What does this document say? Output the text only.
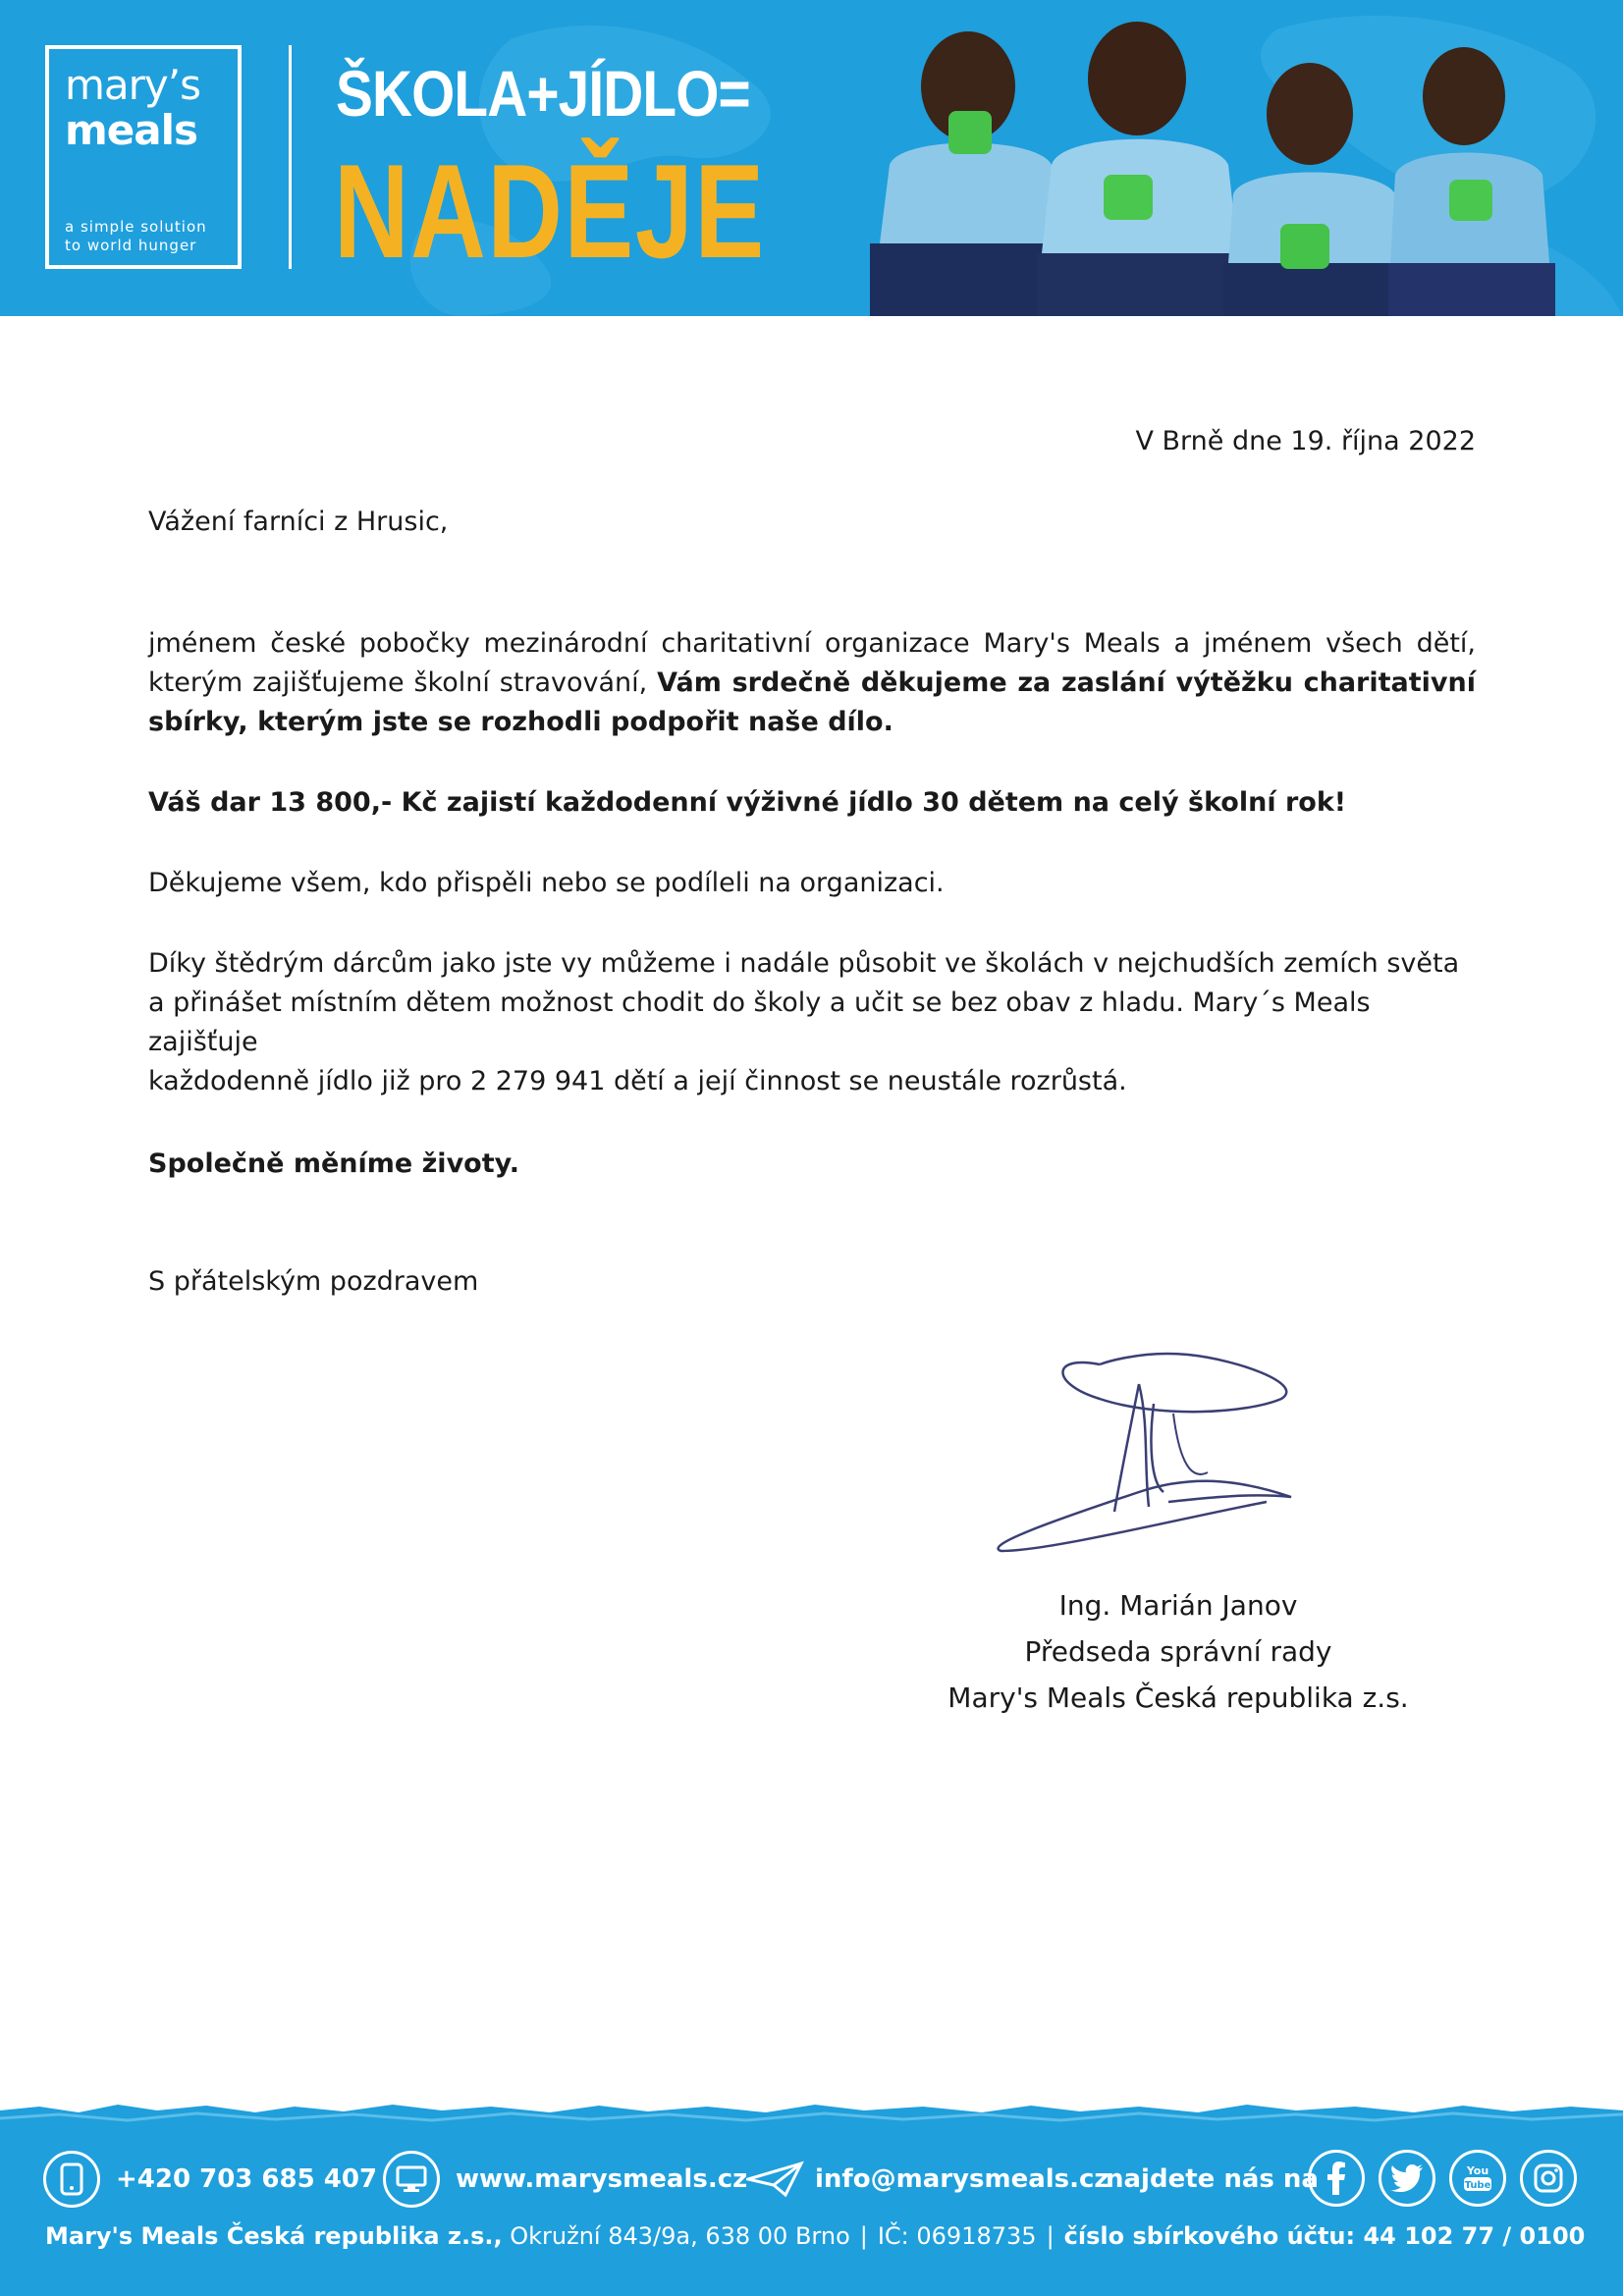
mary’s
meals
a simple solution
to world hunger
ŠKOLA+JÍDLO=
NADĚJE
V Brně dne 19. října 2022
Vážení farníci z Hrusic,

jménem české pobočky mezinárodní charitativní organizace Mary's Meals a jménem všech dětí, kterým zajišťujeme školní stravování, Vám srdečně děkujeme za zaslání výtěžku charitativní sbírky, kterým jste se rozhodli podpořit naše dílo.

Váš dar 13 800,- Kč zajistí každodenní výživné jídlo 30 dětem na celý školní rok!

Děkujeme všem, kdo přispěli nebo se podíleli na organizaci.

Díky štědrým dárcům jako jste vy můžeme i nadále působit ve školách v nejchudších zemích světa
a přinášet místním dětem možnost chodit do školy a učit se bez obav z hladu. Mary´s Meals zajišťuje
každodenně jídlo již pro 2 279 941 dětí a její činnost se neustále rozrůstá.

Společně měníme životy.

S přátelským pozdravem

Ing. Marián Janov
Předseda správní rady
Mary's Meals Česká republika z.s.
+420 703 685 407	www.marysmeals.cz	info@marysmeals.cz
najdete nás na	You
Tube
Mary's Meals Česká republika z.s., Okružní 843/9a, 638 00 Brno | IČ: 06918735 | číslo sbírkového účtu: 44 102 77 / 0100
